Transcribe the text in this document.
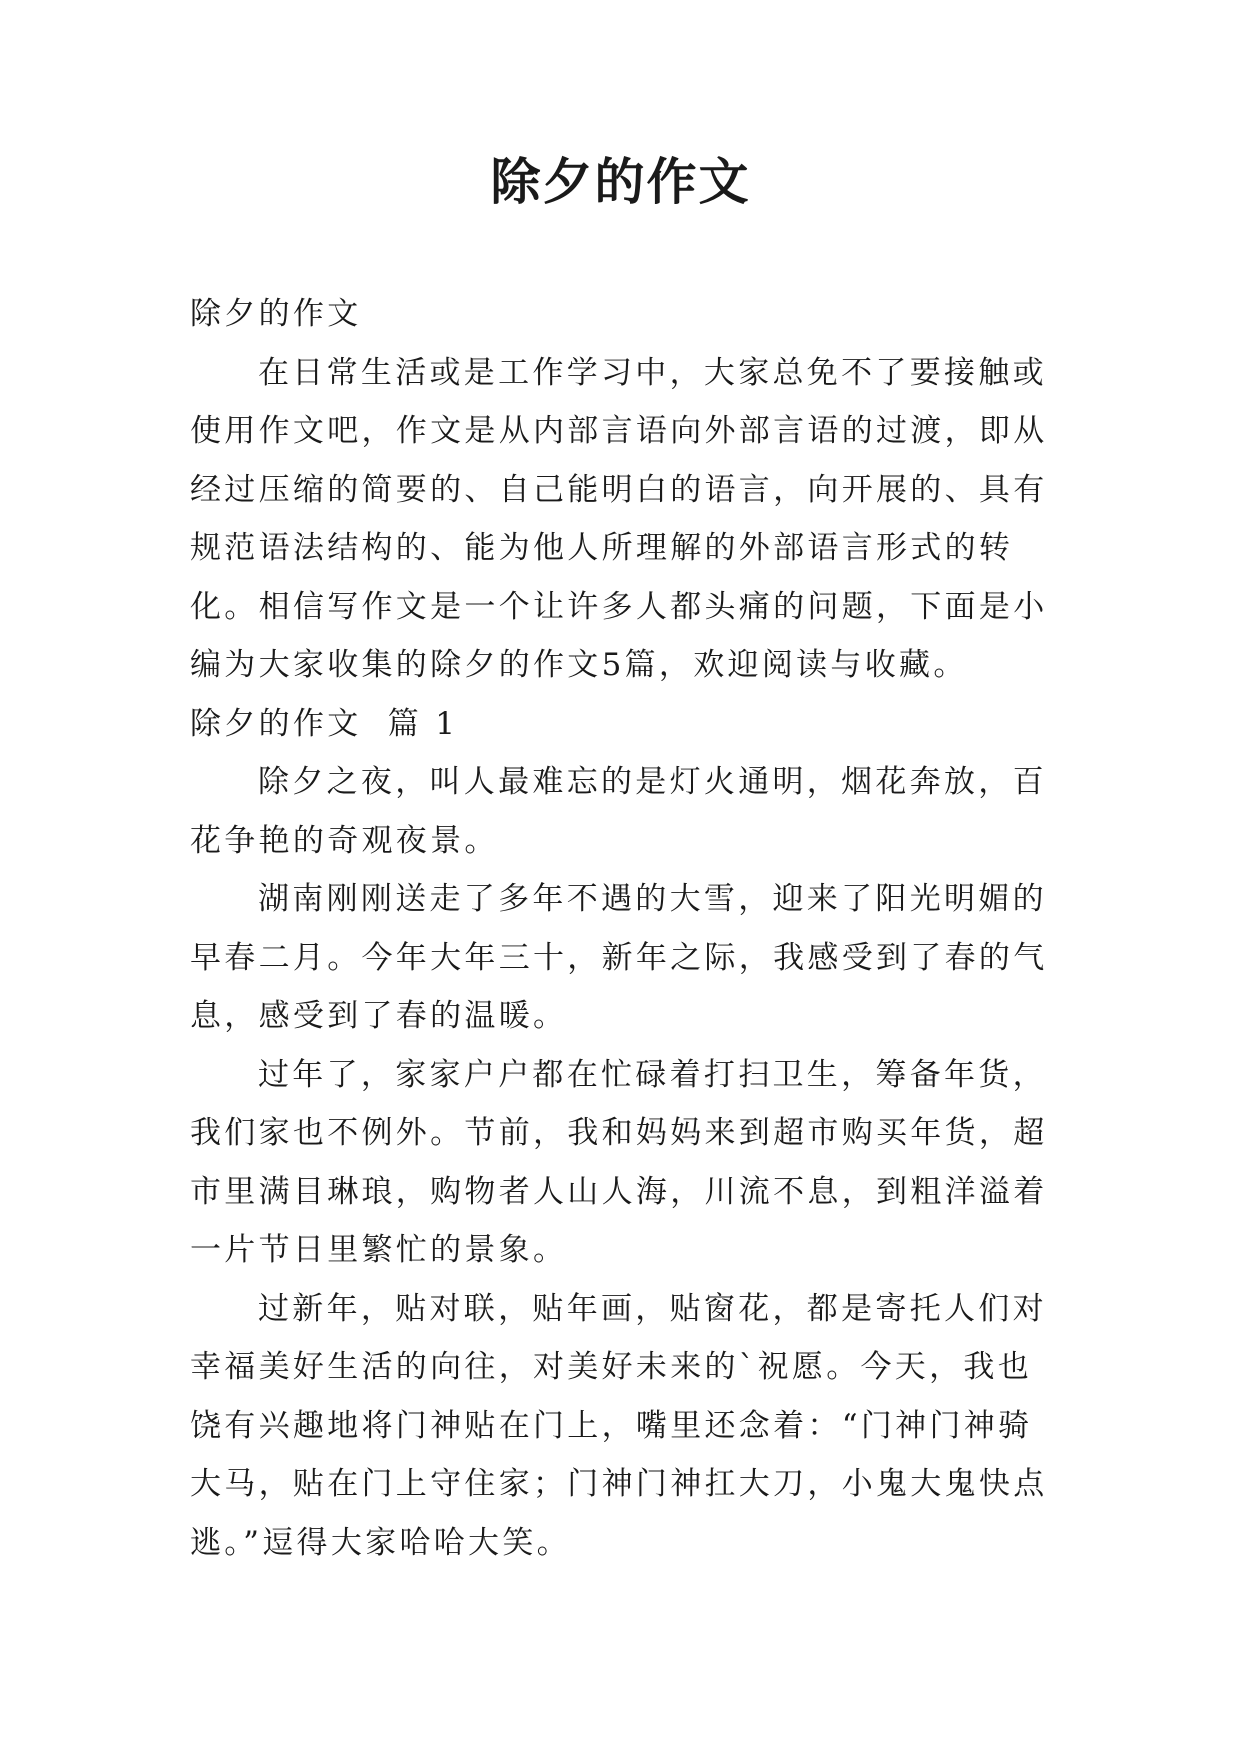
除夕的作文

除夕的作文

在日常生活或是工作学习中，大家总免不了要接触或使用作文吧，作文是从内部言语向外部言语的过渡，即从经过压缩的简要的、自己能明白的语言，向开展的、具有规范语法结构的、能为他人所理解的外部语言形式的转化。相信写作文是一个让许多人都头痛的问题，下面是小编为大家收集的除夕的作文5篇，欢迎阅读与收藏。

除夕的作文  篇 1

除夕之夜，叫人最难忘的是灯火通明，烟花奔放，百花争艳的奇观夜景。

湖南刚刚送走了多年不遇的大雪，迎来了阳光明媚的早春二月。今年大年三十，新年之际，我感受到了春的气息，感受到了春的温暖。

过年了，家家户户都在忙碌着打扫卫生，筹备年货，我们家也不例外。节前，我和妈妈来到超市购买年货，超市里满目琳琅，购物者人山人海，川流不息，到粗洋溢着一片节日里繁忙的景象。

过新年，贴对联，贴年画，贴窗花，都是寄托人们对幸福美好生活的向往，对美好未来的`祝愿。今天，我也饶有兴趣地将门神贴在门上，嘴里还念着：“门神门神骑大马，贴在门上守住家；门神门神扛大刀，小鬼大鬼快点逃。”逗得大家哈哈大笑。
